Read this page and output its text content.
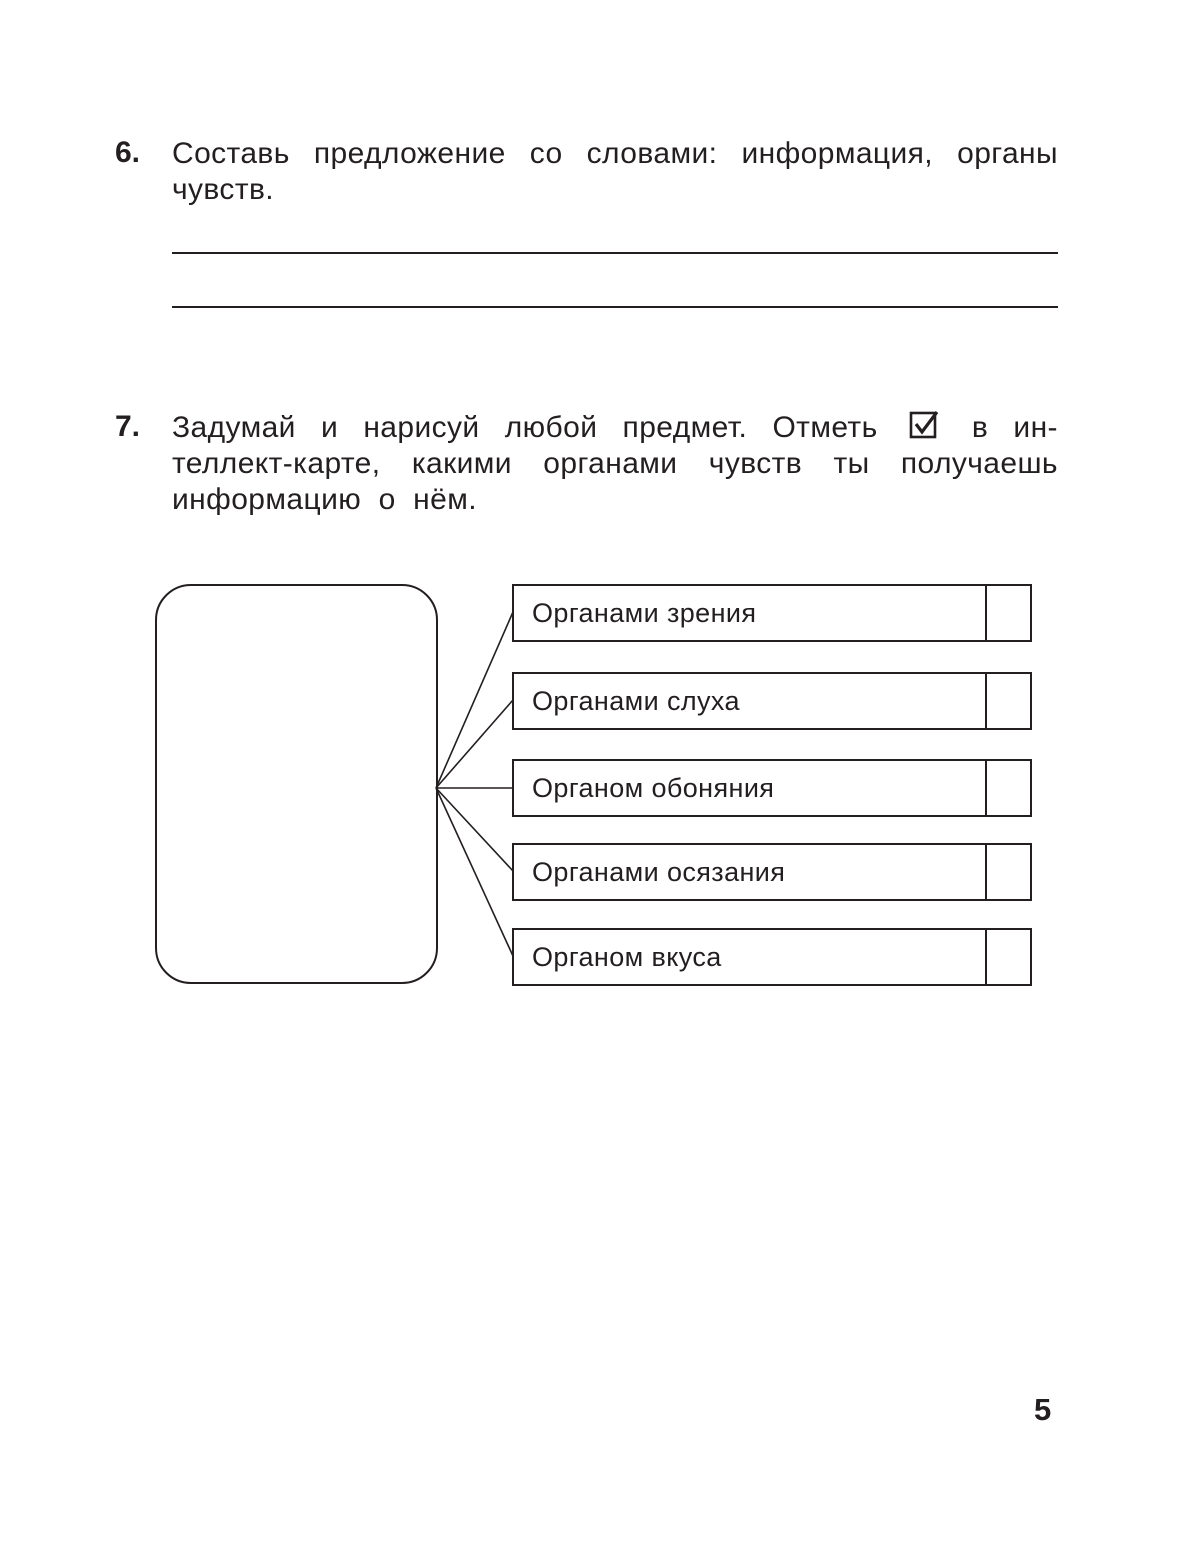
6. Составь предложение со словами: информация, органы
чувств.
7. Задумай и нарисуй любой предмет. Отметь	в ин-
теллект-карте, какими органами чувств ты получаешь
информацию  о  нём.
Органами зрения
Органами слуха
Органом обоняния
Органами осязания
Органом вкуса
5
